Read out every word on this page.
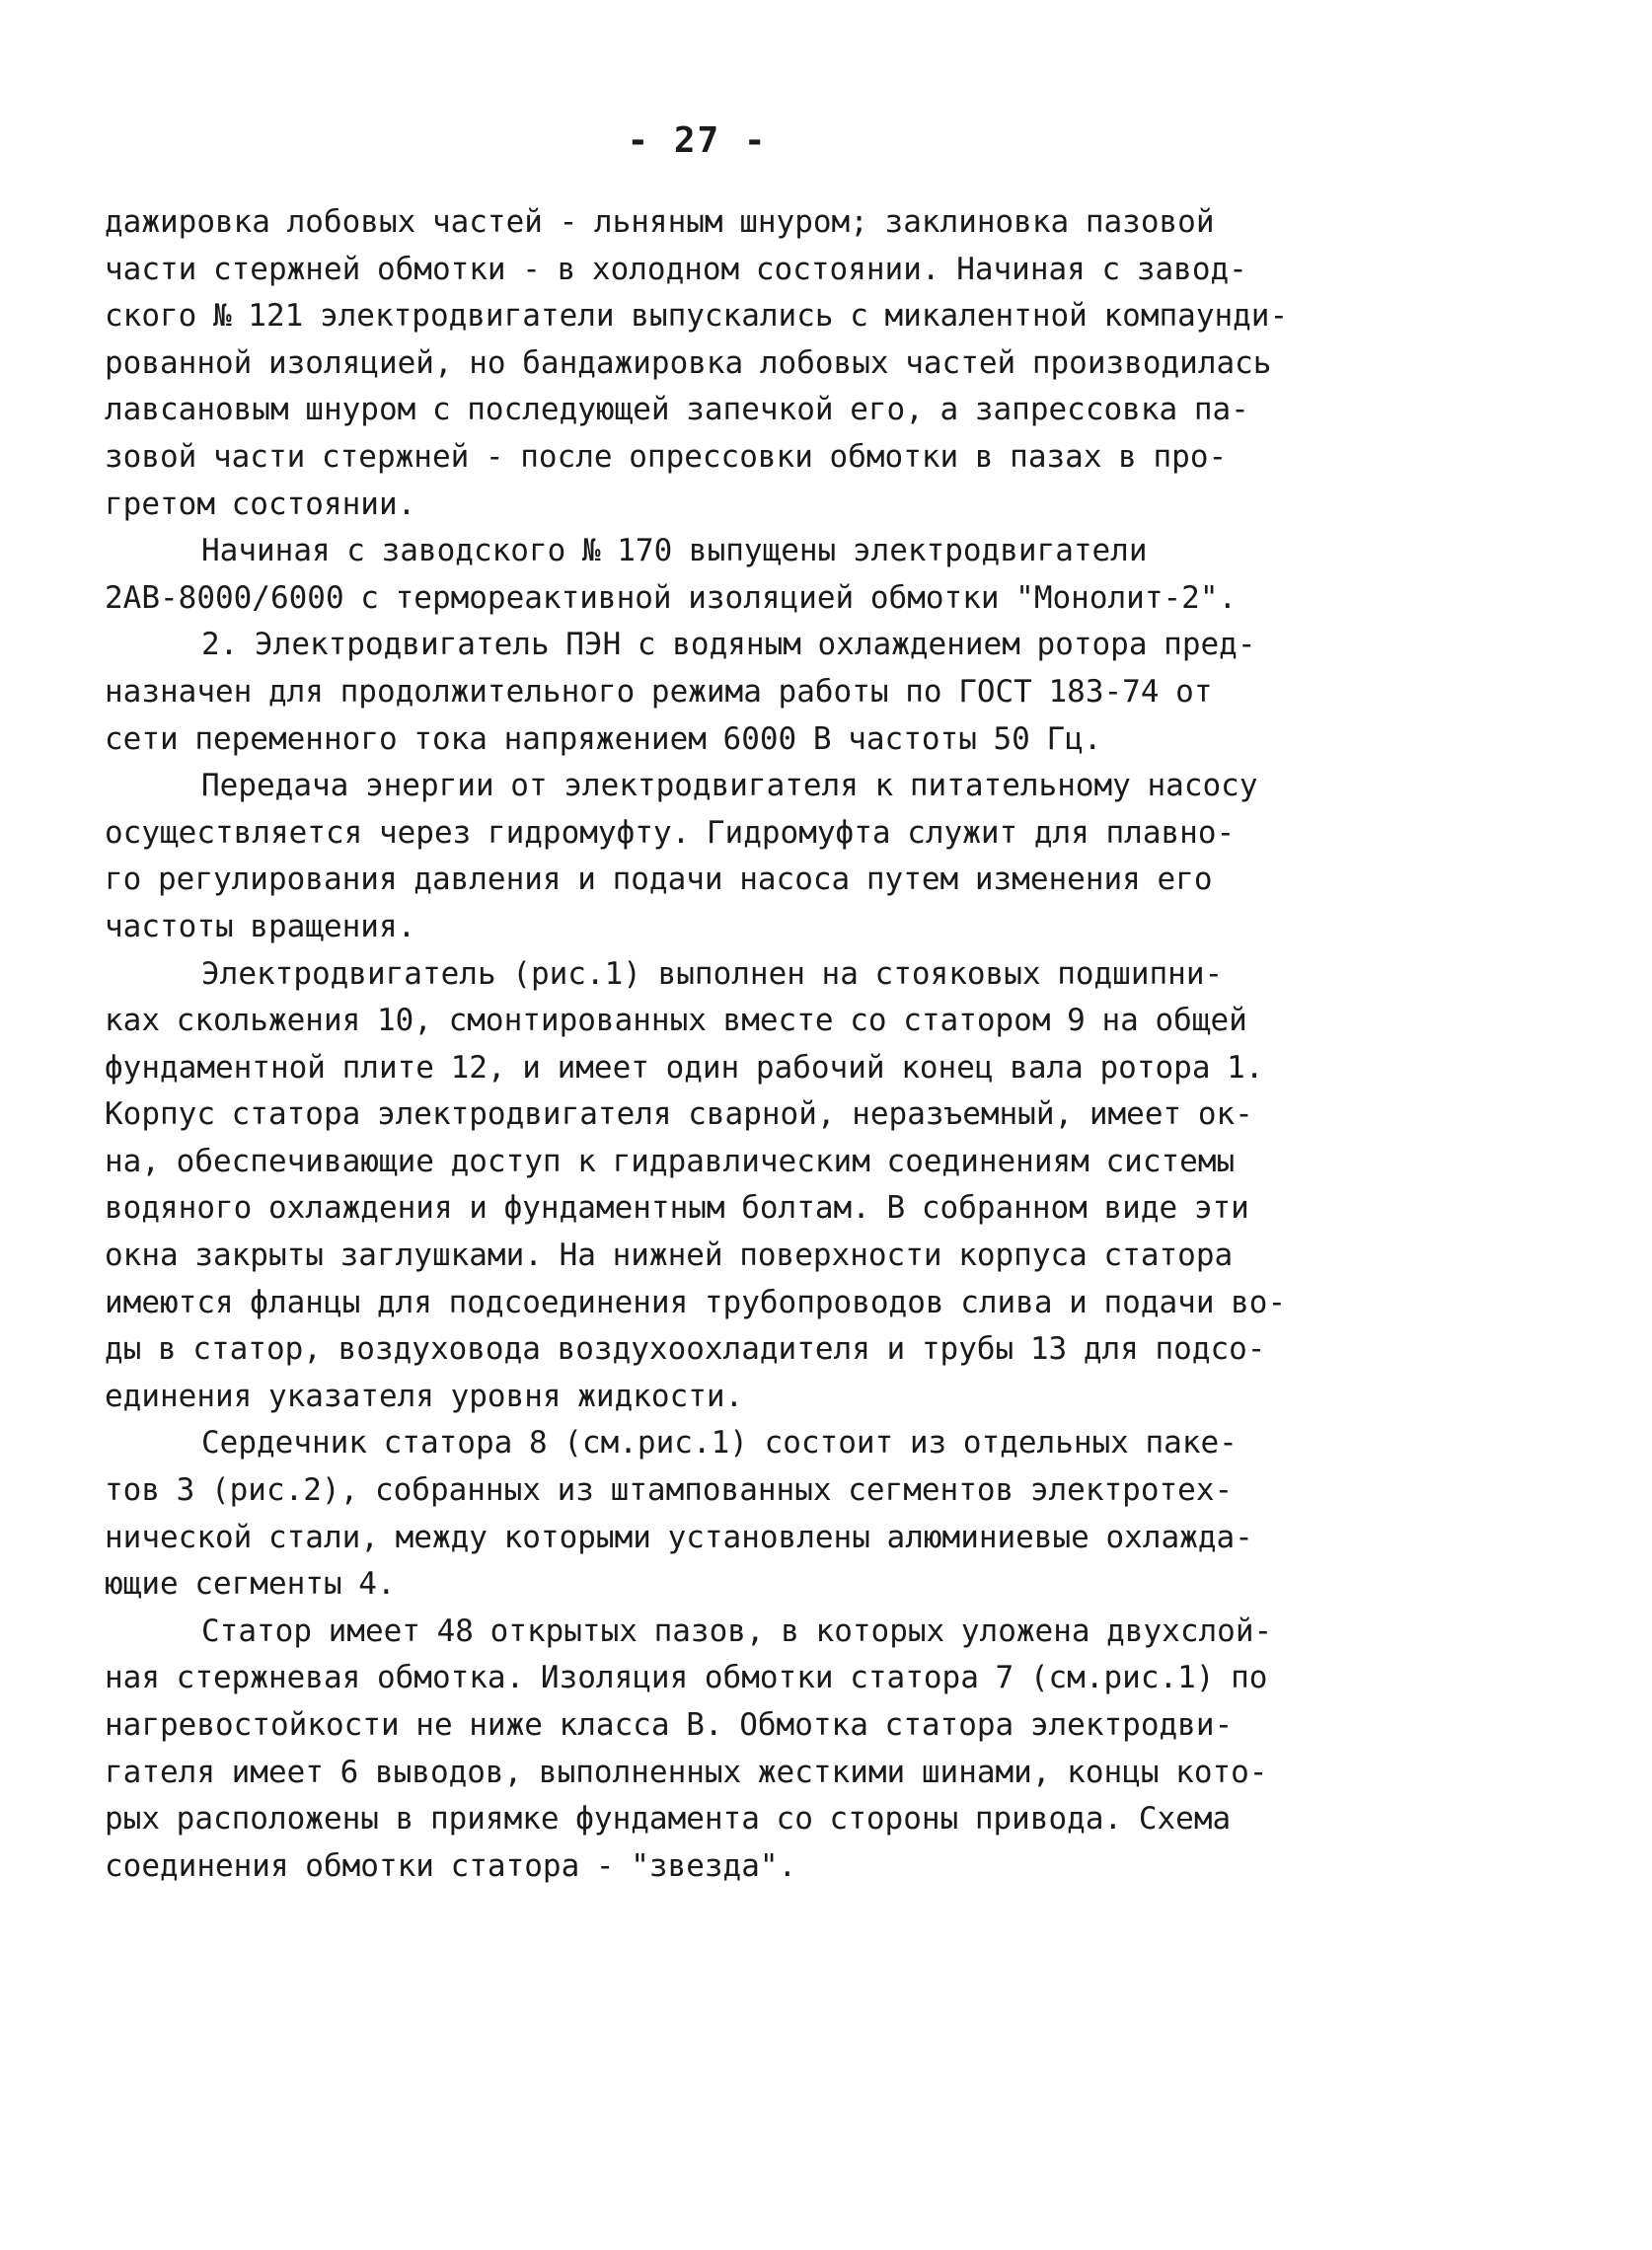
- 27 -

дажировка лобовых частей - льняным шнуром; заклиновка пазовой
части стержней обмотки - в холодном состоянии. Начиная с завод-
ского № 121 электродвигатели выпускались с микалентной компаунди-
рованной изоляцией, но бандажировка лобовых частей производилась
лавсановым шнуром с последующей запечкой его, а запрессовка па-
зовой части стержней - после опрессовки обмотки в пазах в про-
гретом состоянии.

Начиная с заводского № 170 выпущены электродвигатели
2АВ-8000/6000 с термореактивной изоляцией обмотки "Монолит-2".

2. Электродвигатель ПЭН с водяным охлаждением ротора пред-
назначен для продолжительного режима работы по ГОСТ 183-74 от
сети переменного тока напряжением 6000 В частоты 50 Гц.

Передача энергии от электродвигателя к питательному насосу
осуществляется через гидромуфту. Гидромуфта служит для плавно-
го регулирования давления и подачи насоса путем изменения его
частоты вращения.

Электродвигатель (рис.1) выполнен на стояковых подшипни-
ках скольжения 10, смонтированных вместе со статором 9 на общей
фундаментной плите 12, и имеет один рабочий конец вала ротора 1.
Корпус статора электродвигателя сварной, неразъемный, имеет ок-
на, обеспечивающие доступ к гидравлическим соединениям системы
водяного охлаждения и фундаментным болтам. В собранном виде эти
окна закрыты заглушками. На нижней поверхности корпуса статора
имеются фланцы для подсоединения трубопроводов слива и подачи во-
ды в статор, воздуховода воздухоохладителя и трубы 13 для подсо-
единения указателя уровня жидкости.

Сердечник статора 8 (см.рис.1) состоит из отдельных паке-
тов 3 (рис.2), собранных из штампованных сегментов электротех-
нической стали, между которыми установлены алюминиевые охлажда-
ющие сегменты 4.

Статор имеет 48 открытых пазов, в которых уложена двухслой-
ная стержневая обмотка. Изоляция обмотки статора 7 (см.рис.1) по
нагревостойкости не ниже класса В. Обмотка статора электродви-
гателя имеет 6 выводов, выполненных жесткими шинами, концы кото-
рых расположены в приямке фундамента со стороны привода. Схема
соединения обмотки статора - "звезда".
